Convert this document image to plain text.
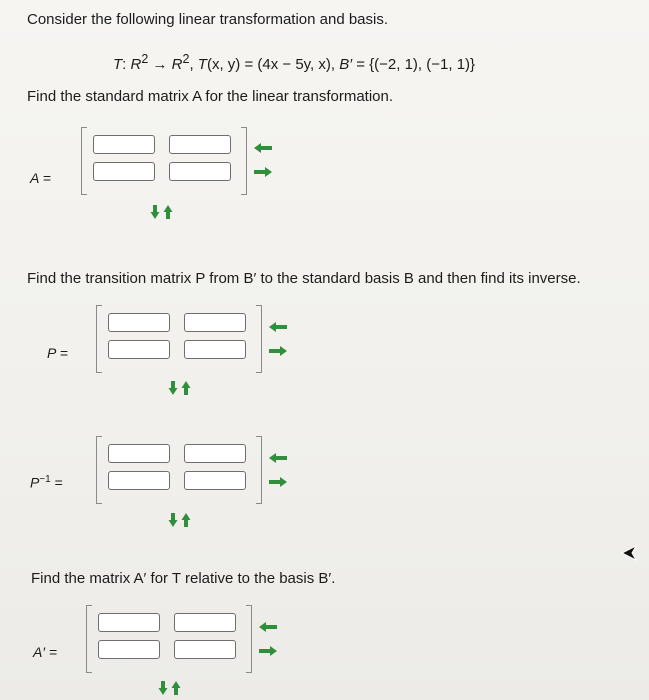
Consider the following linear transformation and basis.
T: $R^2 \to R^2$, T(x, y) = (4x − 5y, x), B′ = {(−2, 1), (−1, 1)}
Find the standard matrix A for the linear transformation.
A =
Find the transition matrix P from B′ to the standard basis B and then find its inverse.
P =
$P^{-1}$ =
Find the matrix A′ for T relative to the basis B′.
A′ =
